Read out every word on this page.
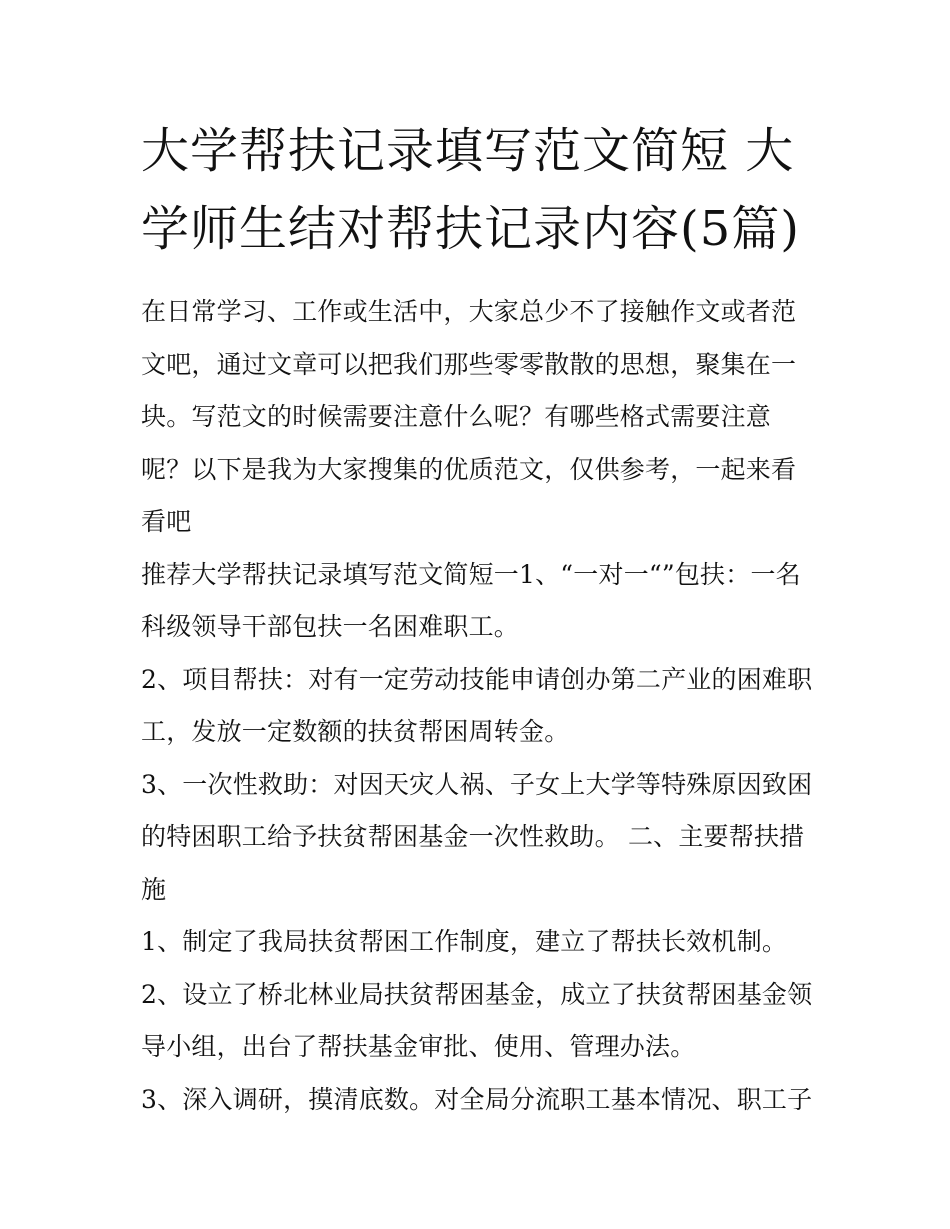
大学帮扶记录填写范文简短 大学师生结对帮扶记录内容(5篇)

在日常学习、工作或生活中，大家总少不了接触作文或者范文吧，通过文章可以把我们那些零零散散的思想，聚集在一块。写范文的时候需要注意什么呢？有哪些格式需要注意呢？以下是我为大家搜集的优质范文，仅供参考，一起来看看吧

推荐大学帮扶记录填写范文简短一1、“一对一“”包扶：一名科级领导干部包扶一名困难职工。

2、项目帮扶：对有一定劳动技能申请创办第二产业的困难职工，发放一定数额的扶贫帮困周转金。

3、一次性救助：对因天灾人祸、子女上大学等特殊原因致困的特困职工给予扶贫帮困基金一次性救助。 二、主要帮扶措施

1、制定了我局扶贫帮困工作制度，建立了帮扶长效机制。

2、设立了桥北林业局扶贫帮困基金，成立了扶贫帮困基金领导小组，出台了帮扶基金审批、使用、管理办法。

3、深入调研，摸清底数。对全局分流职工基本情况、职工子
